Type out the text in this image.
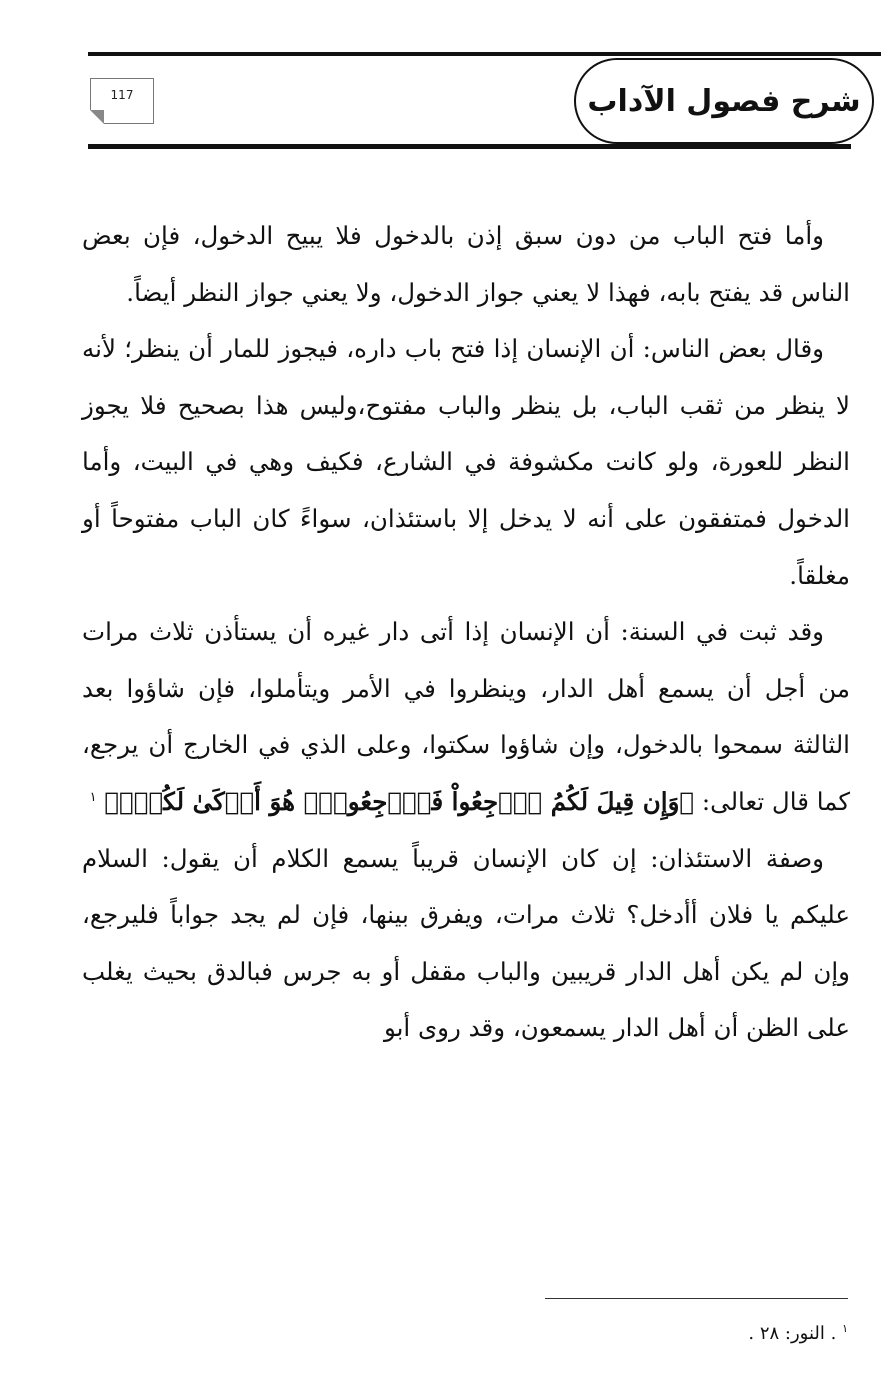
شرح فصول الآداب
117

وأما فتح الباب من دون سبق إذن بالدخول فلا يبيح الدخول، فإن بعض الناس قد يفتح بابه، فهذا لا يعني جواز الدخول، ولا يعني جواز النظر أيضاً.

وقال بعض الناس: أن الإنسان إذا فتح باب داره، فيجوز للمار أن ينظر؛ لأنه لا ينظر من ثقب الباب، بل ينظر والباب مفتوح،وليس هذا بصحيح فلا يجوز النظر للعورة، ولو كانت مكشوفة في الشارع، فكيف وهي في البيت، وأما الدخول فمتفقون على أنه لا يدخل إلا باستئذان، سواءً كان الباب مفتوحاً أو مغلقاً.

وقد ثبت في السنة: أن الإنسان إذا أتى دار غيره أن يستأذن ثلاث مرات من أجل أن يسمع أهل الدار، وينظروا في الأمر ويتأملوا، فإن شاؤوا بعد الثالثة سمحوا بالدخول، وإن شاؤوا سكتوا، وعلى الذي في الخارج أن يرجع، كما قال تعالى: ﴿وَإِن قِيلَ لَكُمُ ٱرۡجِعُواْ فَٱرۡجِعُواْۖ هُوَ أَزۡكَىٰ لَكُمۡۚ﴾ $^١$

وصفة الاستئذان: إن كان الإنسان قريباً يسمع الكلام أن يقول: السلام عليكم يا فلان أأدخل؟ ثلاث مرات، ويفرق بينها، فإن لم يجد جواباً فليرجع، وإن لم يكن أهل الدار قريبين والباب مقفل أو به جرس فبالدق بحيث يغلب على الظن أن أهل الدار يسمعون، وقد روى أبو

$^١$ . النور: ٢٨ .
